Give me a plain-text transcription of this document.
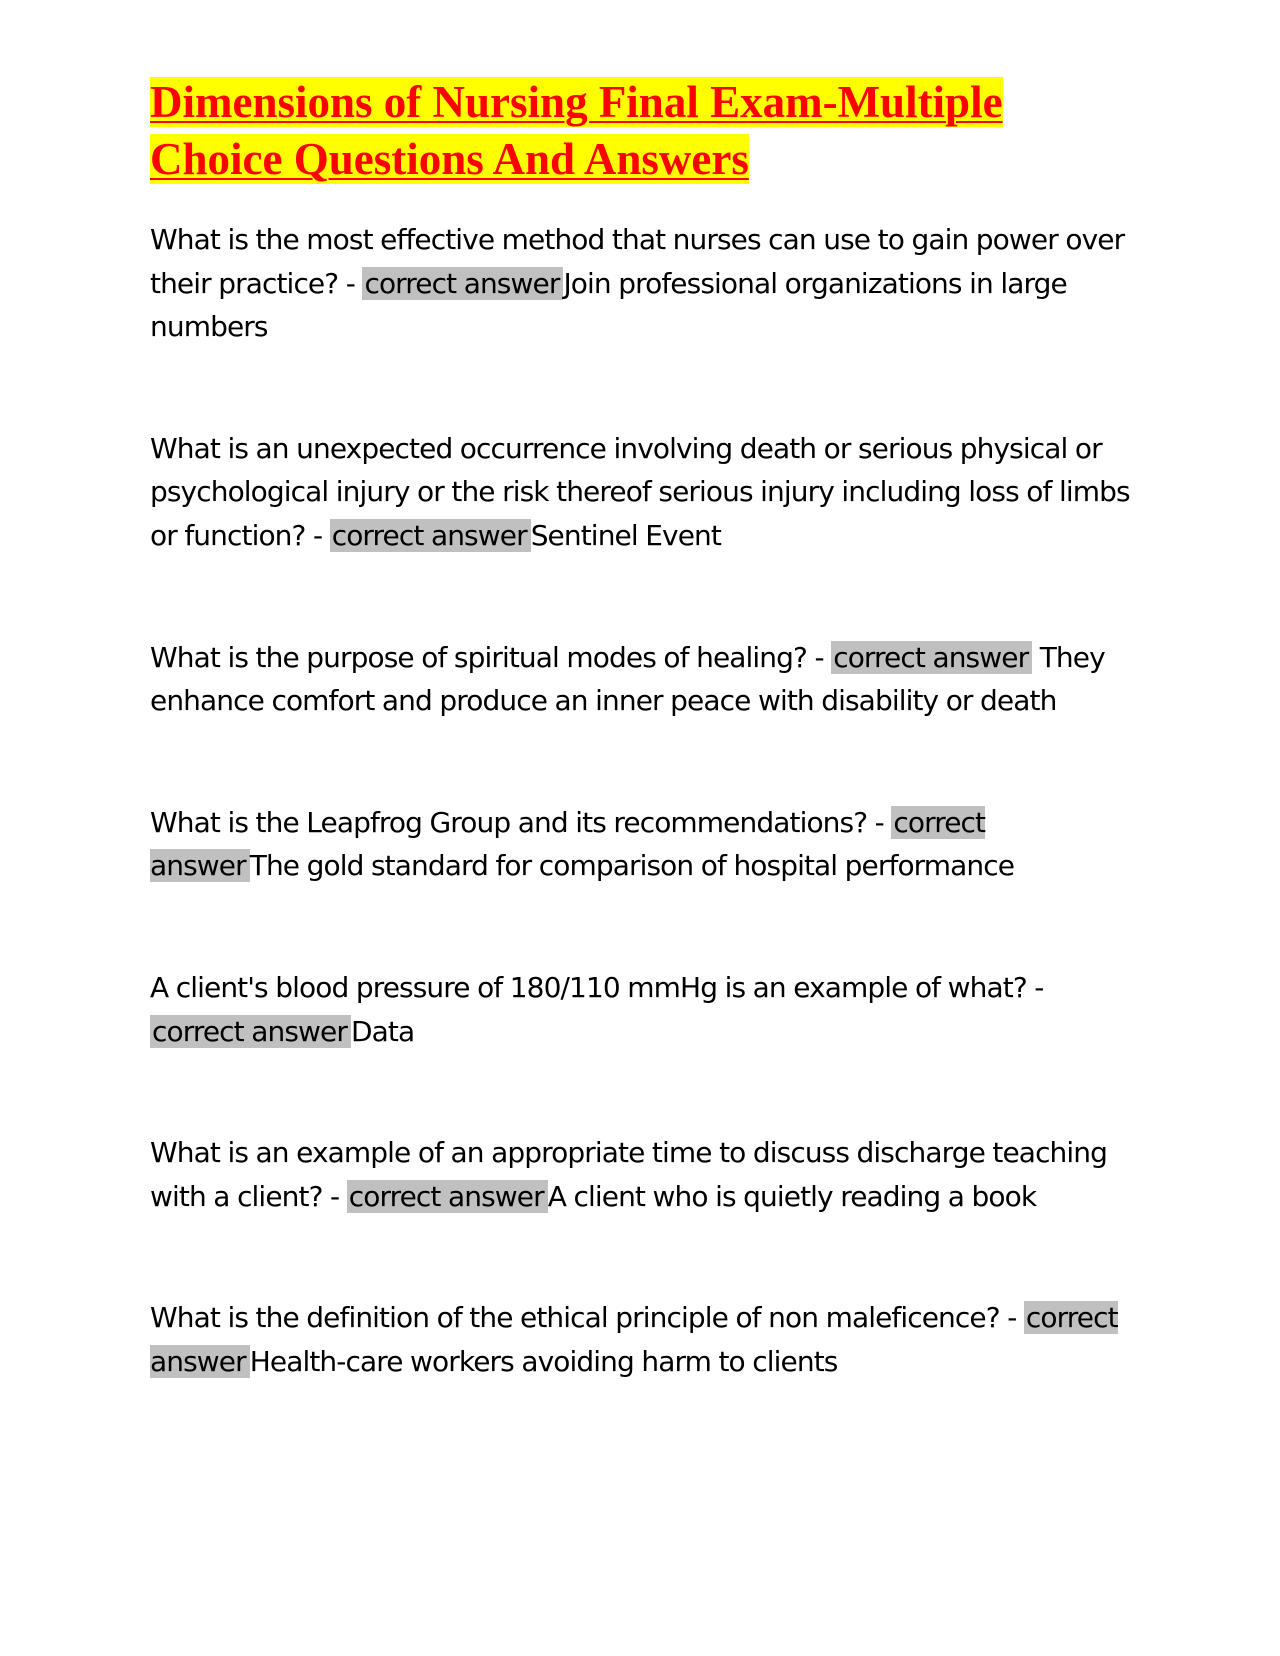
Dimensions of Nursing Final Exam-Multiple Choice Questions And Answers

What is the most effective method that nurses can use to gain power over their practice? - correct answer Join professional organizations in large numbers

What is an unexpected occurrence involving death or serious physical or psychological injury or the risk thereof serious injury including loss of limbs or function? - correct answer Sentinel Event

What is the purpose of spiritual modes of healing? - correct answer They enhance comfort and produce an inner peace with disability or death

What is the Leapfrog Group and its recommendations? - correct answer The gold standard for comparison of hospital performance

A client's blood pressure of 180/110 mmHg is an example of what? - correct answer Data

What is an example of an appropriate time to discuss discharge teaching with a client? - correct answer A client who is quietly reading a book

What is the definition of the ethical principle of non maleficence? - correct answer Health-care workers avoiding harm to clients
